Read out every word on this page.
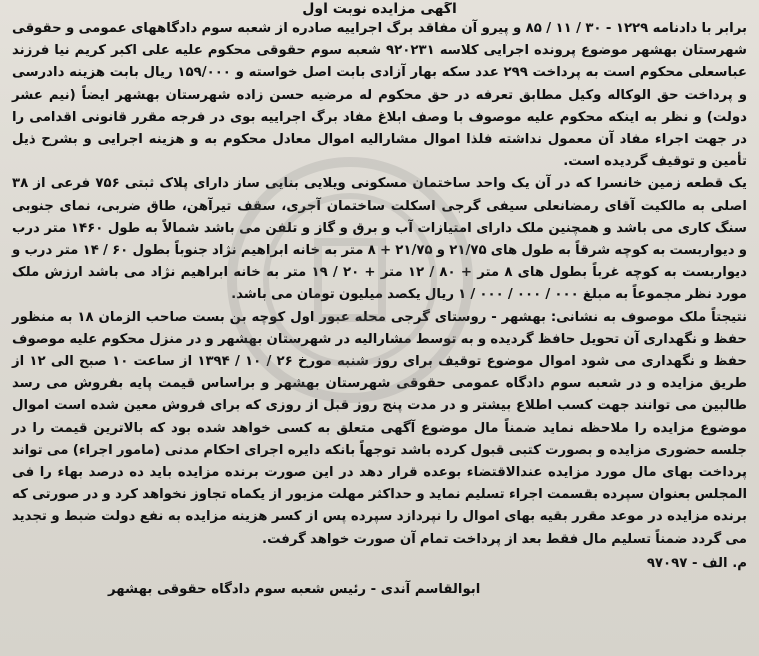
آگهی مزایده نوبت اول

برابر با دادنامه ۱۲۲۹ - ۳۰ / ۱۱ / ۸۵ و پیرو آن مفاقد برگ اجراییه صادره از شعبه سوم دادگاههای عمومی و حقوقی شهرستان بهشهر موضوع پرونده اجرایی کلاسه ۹۲۰۲۳۱ شعبه سوم حقوقی محکوم علیه علی اکبر کریم نیا فرزند عباسعلی محکوم است به پرداخت ۲۹۹ عدد سکه بهار آزادی بابت اصل خواسته و ۱۵۹/۰۰۰ ریال بابت هزینه دادرسی و پرداخت حق الوکاله وکیل مطابق تعرفه در حق محکوم له مرضیه حسن زاده شهرستان بهشهر ایضاً (نیم عشر دولت) و نظر به اینکه محکوم علیه موصوف با وصف ابلاغ مفاد برگ اجراییه بوی در فرجه مقرر قانونی اقدامی را در جهت اجراء مفاد آن معمول نداشته فلذا اموال مشارالیه اموال معادل محکوم به و هزینه اجرایی و بشرح ذیل تأمین و توقیف گردیده است.

یک قطعه زمین خانسرا که در آن یک واحد ساختمان مسکونی ویلایی بنایی ساز دارای پلاک ثبتی ۷۵۶ فرعی از ۳۸ اصلی به مالکیت آقای رمضانعلی سیفی گرجی اسکلت ساختمان آجری، سقف تیرآهن، طاق ضربی، نمای جنوبی سنگ کاری می باشد و همچنین ملک دارای امتیازات آب و برق و گاز و تلفن می باشد شمالاً به طول ۱۴۶۰ متر درب و دیواربست به کوچه شرقاً به طول های ۲۱/۷۵ و ۲۱/۷۵ + ۸ متر به خانه ابراهیم نژاد جنوباً بطول ۶۰ / ۱۴ متر درب و دیواربست به کوچه غرباً بطول های ۸ متر + ۸۰ / ۱۲ متر + ۲۰ / ۱۹ متر به خانه ابراهیم نژاد می باشد ارزش ملک مورد نظر مجموعاً به مبلغ ۰۰۰ / ۰۰۰ / ۰۰۰ / ۱ ریال یکصد میلیون تومان می باشد.

نتیجتاً ملک موصوف به نشانی: بهشهر - روستای گرجی محله عبور اول کوچه بن بست صاحب الزمان ۱۸ به منظور حفظ و نگهداری آن تحویل حافظ گردیده و به توسط مشارالیه در شهرستان بهشهر و در منزل محکوم علیه موصوف حفظ و نگهداری می شود اموال موضوع توقیف برای روز شنبه مورخ ۲۶ / ۱۰ / ۱۳۹۴ از ساعت ۱۰ صبح الی ۱۲ از طریق مزایده و در شعبه سوم دادگاه عمومی حقوقی شهرستان بهشهر و براساس قیمت پایه بفروش می رسد طالبین می توانند جهت کسب اطلاع بیشتر و در مدت پنج روز قبل از روزی که برای فروش معین شده است اموال موضوع مزایده را ملاحظه نماید ضمناً مال موضوع آگهی متعلق به کسی خواهد شده بود که بالاترین قیمت را در جلسه حضوری مزایده و بصورت کتبی قبول کرده باشد توجهاً بانکه دایره اجرای احکام مدنی (مامور اجراء) می تواند پرداخت بهای مال مورد مزایده عندالاقتضاء بوعده قرار دهد در این صورت برنده مزایده باید ده درصد بهاء را فی المجلس بعنوان سپرده بقسمت اجراء تسلیم نماید و حداکثر مهلت مزبور از یکماه تجاوز نخواهد کرد و در صورتی که برنده مزایده در موعد مقرر بقیه بهای اموال را نپردازد سپرده پس از کسر هزینه مزایده به نفع دولت ضبط و تجدید می گردد ضمناً تسلیم مال فقط بعد از پرداخت تمام آن صورت خواهد گرفت.

م. الف - ۹۷۰۹۷
ابوالقاسم آندی - رئیس شعبه سوم دادگاه حقوقی بهشهر
